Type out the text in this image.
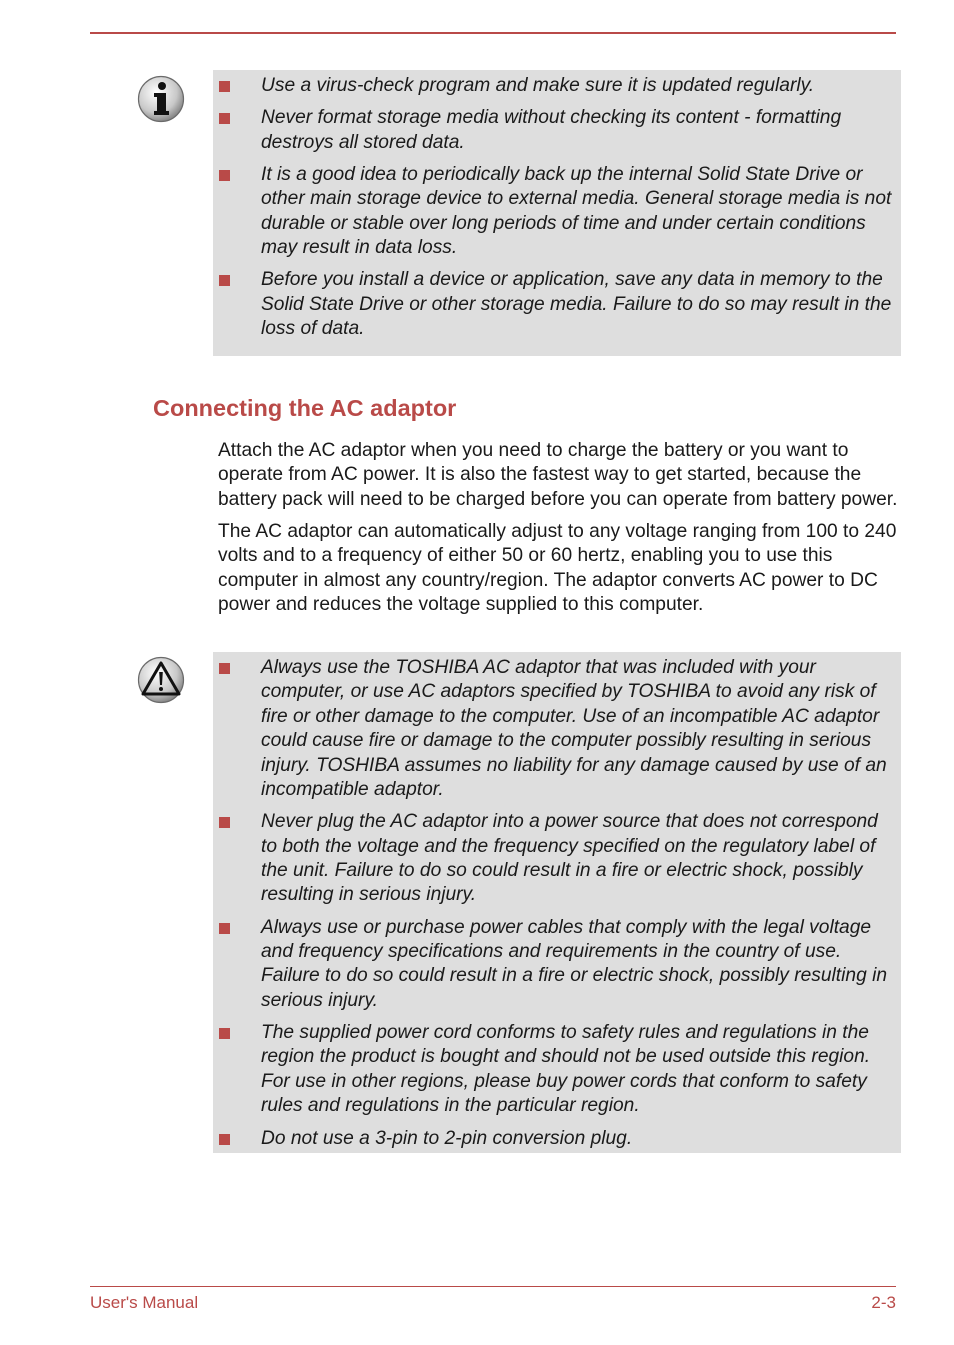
Use a virus-check program and make sure it is updated regularly.
Never format storage media without checking its content - formatting destroys all stored data.
It is a good idea to periodically back up the internal Solid State Drive or other main storage device to external media. General storage media is not durable or stable over long periods of time and under certain conditions may result in data loss.
Before you install a device or application, save any data in memory to the Solid State Drive or other storage media. Failure to do so may result in the loss of data.
Connecting the AC adaptor

Attach the AC adaptor when you need to charge the battery or you want to operate from AC power. It is also the fastest way to get started, because the battery pack will need to be charged before you can operate from battery power.

The AC adaptor can automatically adjust to any voltage ranging from 100 to 240 volts and to a frequency of either 50 or 60 hertz, enabling you to use this computer in almost any country/region. The adaptor converts AC power to DC power and reduces the voltage supplied to this computer.

Always use the TOSHIBA AC adaptor that was included with your computer, or use AC adaptors specified by TOSHIBA to avoid any risk of fire or other damage to the computer. Use of an incompatible AC adaptor could cause fire or damage to the computer possibly resulting in serious injury. TOSHIBA assumes no liability for any damage caused by use of an incompatible adaptor.
Never plug the AC adaptor into a power source that does not correspond to both the voltage and the frequency specified on the regulatory label of the unit. Failure to do so could result in a fire or electric shock, possibly resulting in serious injury.
Always use or purchase power cables that comply with the legal voltage and frequency specifications and requirements in the country of use. Failure to do so could result in a fire or electric shock, possibly resulting in serious injury.
The supplied power cord conforms to safety rules and regulations in the region the product is bought and should not be used outside this region. For use in other regions, please buy power cords that conform to safety rules and regulations in the particular region.
Do not use a 3-pin to 2-pin conversion plug.
User's Manual	2-3
